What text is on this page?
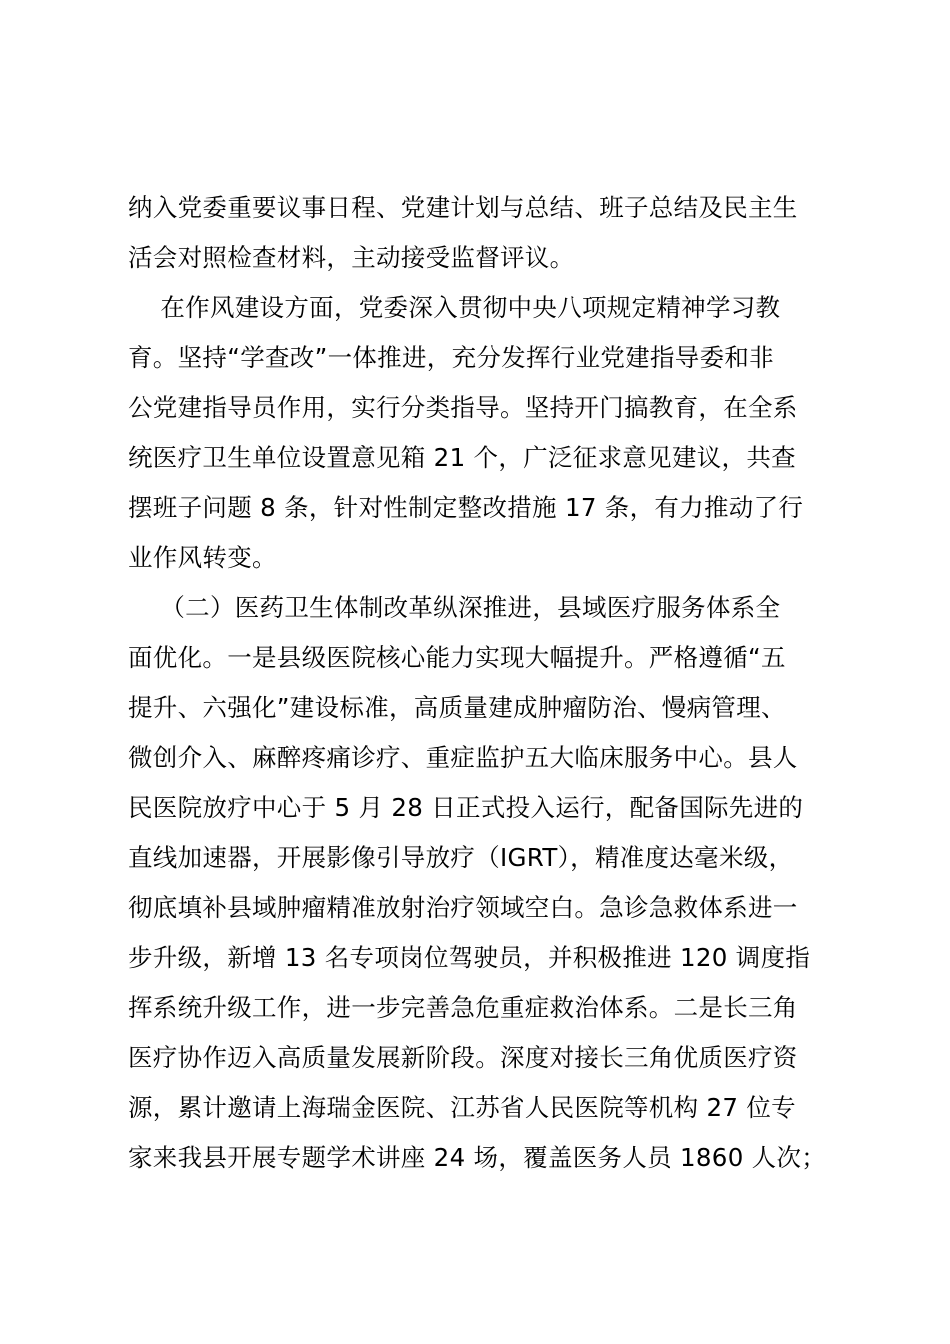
纳入党委重要议事日程、党建计划与总结、班子总结及民主生
活会对照检查材料，主动接受监督评议。
在作风建设方面，党委深入贯彻中央八项规定精神学习教
育。坚持“学查改”一体推进，充分发挥行业党建指导委和非
公党建指导员作用，实行分类指导。坚持开门搞教育，在全系
统医疗卫生单位设置意见箱 21 个，广泛征求意见建议，共查
摆班子问题 8 条，针对性制定整改措施 17 条，有力推动了行
业作风转变。
（二）医药卫生体制改革纵深推进，县域医疗服务体系全
面优化。一是县级医院核心能力实现大幅提升。严格遵循“五
提升、六强化”建设标准，高质量建成肿瘤防治、慢病管理、
微创介入、麻醉疼痛诊疗、重症监护五大临床服务中心。县人
民医院放疗中心于 5 月 28 日正式投入运行，配备国际先进的
直线加速器，开展影像引导放疗（IGRT），精准度达毫米级，
彻底填补县域肿瘤精准放射治疗领域空白。急诊急救体系进一
步升级，新增 13 名专项岗位驾驶员，并积极推进 120 调度指
挥系统升级工作，进一步完善急危重症救治体系。二是长三角
医疗协作迈入高质量发展新阶段。深度对接长三角优质医疗资
源，累计邀请上海瑞金医院、江苏省人民医院等机构 27 位专
家来我县开展专题学术讲座 24 场，覆盖医务人员 1860 人次；
